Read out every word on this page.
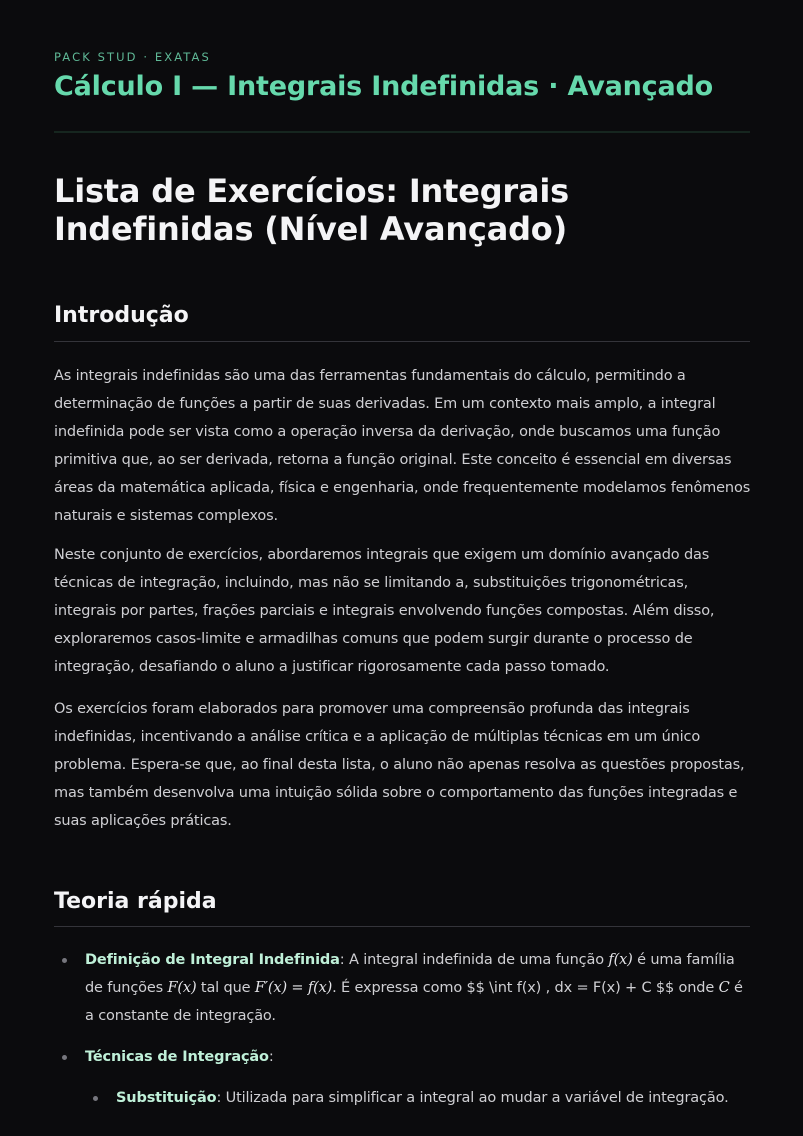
PACK STUD · EXATAS
Cálculo I — Integrais Indefinidas · Avançado
Lista de Exercícios: Integrais Indefinidas (Nível Avançado)
Introdução

As integrais indefinidas são uma das ferramentas fundamentais do cálculo, permitindo a determinação de funções a partir de suas derivadas. Em um contexto mais amplo, a integral indefinida pode ser vista como a operação inversa da derivação, onde buscamos uma função primitiva que, ao ser derivada, retorna a função original. Este conceito é essencial em diversas áreas da matemática aplicada, física e engenharia, onde frequentemente modelamos fenômenos naturais e sistemas complexos.

Neste conjunto de exercícios, abordaremos integrais que exigem um domínio avançado das técnicas de integração, incluindo, mas não se limitando a, substituições trigonométricas, integrais por partes, frações parciais e integrais envolvendo funções compostas. Além disso, exploraremos casos-limite e armadilhas comuns que podem surgir durante o processo de integração, desafiando o aluno a justificar rigorosamente cada passo tomado.

Os exercícios foram elaborados para promover uma compreensão profunda das integrais indefinidas, incentivando a análise crítica e a aplicação de múltiplas técnicas em um único problema. Espera-se que, ao final desta lista, o aluno não apenas resolva as questões propostas, mas também desenvolva uma intuição sólida sobre o comportamento das funções integradas e suas aplicações práticas.

Teoria rápida
Definição de Integral Indefinida: A integral indefinida de uma função f(x) é uma família de funções F(x) tal que F′(x) = f(x). É expressa como $$ \int f(x) , dx = F(x) + C $$ onde C é a constante de integração.
Técnicas de Integração:
Substituição: Utilizada para simplificar a integral ao mudar a variável de integração.
